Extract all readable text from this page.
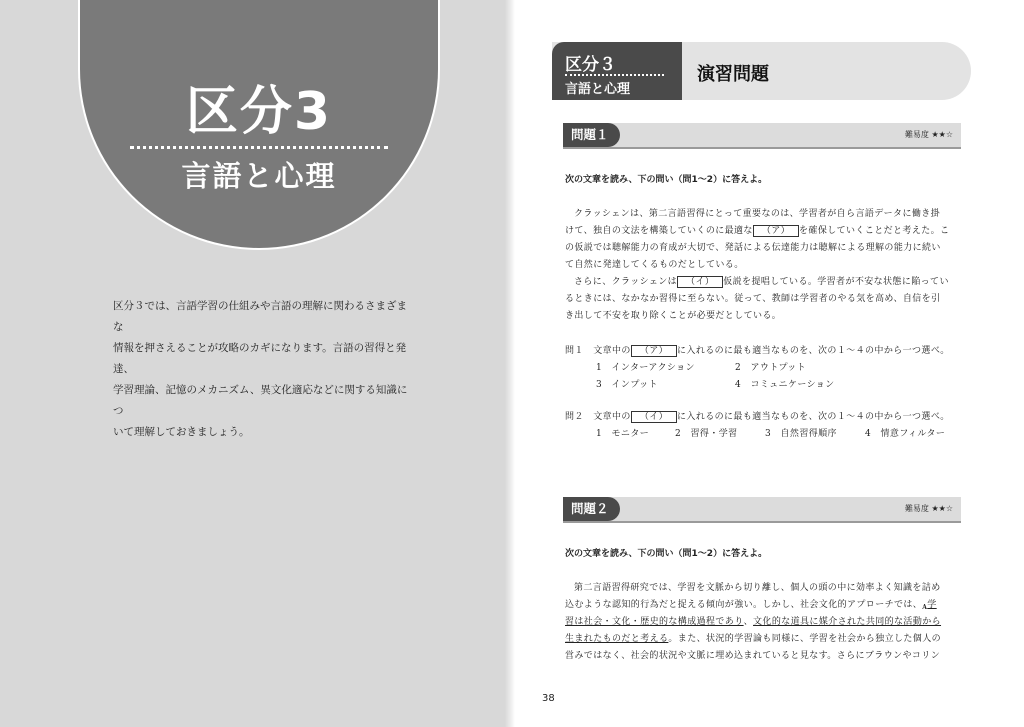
区分3
言語と心理
区分３では、言語学習の仕組みや言語の理解に関わるさまざまな
情報を押さえることが攻略のカギになります。言語の習得と発達、
学習理論、記憶のメカニズム、異文化適応などに関する知識につ
いて理解しておきましょう。
区分３
言語と心理
演習問題
問題１	難易度 ★★☆
次の文章を読み、下の問い（問1〜2）に答えよ。
クラッシェンは、第二言語習得にとって重要なのは、学習者が自ら言語データに働き掛
けて、独自の文法を構築していくのに最適な （ア） を確保していくことだと考えた。こ
の仮説では聴解能力の育成が大切で、発話による伝達能力は聴解による理解の能力に続い
て自然に発達してくるものだとしている。
さらに、クラッシェンは （イ） 仮説を提唱している。学習者が不安な状態に陥ってい
るときには、なかなか習得に至らない。従って、教師は学習者のやる気を高め、自信を引
き出して不安を取り除くことが必要だとしている。
問１　 文章中の （ア） に入れるのに最も適当なものを、次の１～４の中から一つ選べ。
1　インターアクション	2　アウトプット
3　インプット	4　コミュニケーション
問２　 文章中の （イ） に入れるのに最も適当なものを、次の１～４の中から一つ選べ。
1　モニター	2　習得・学習	3　自然習得順序	4　情意フィルター
問題２	難易度 ★★☆
次の文章を読み、下の問い（問1〜2）に答えよ。
第二言語習得研究では、学習を文脈から切り離し、個人の頭の中に効率よく知識を詰め
込むような認知的行為だと捉える傾向が強い。しかし、社会文化的アプローチでは、$_A$学
習は社会・文化・歴史的な構成過程であり、文化的な道具に媒介された共同的な活動から
生まれたものだと考える。また、状況的学習論も同様に、学習を社会から独立した個人の
営みではなく、社会的状況や文脈に埋め込まれていると見なす。さらにブラウンやコリン
38
